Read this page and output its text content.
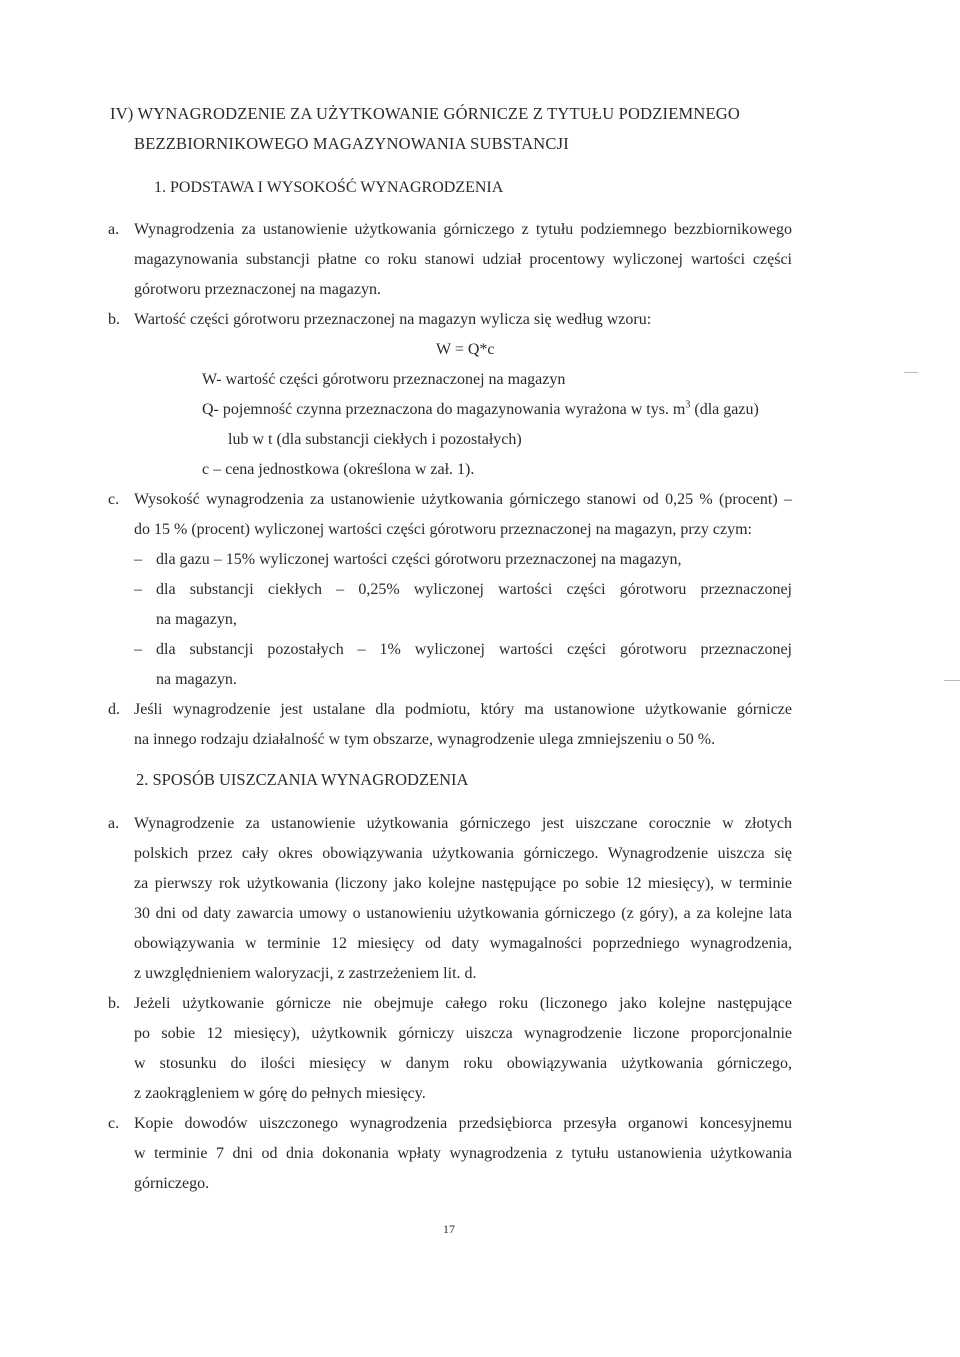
IV) WYNAGRODZENIE ZA UŻYTKOWANIE GÓRNICZE Z TYTUŁU PODZIEMNEGO
BEZZBIORNIKOWEGO MAGAZYNOWANIA SUBSTANCJI
1. PODSTAWA I WYSOKOŚĆ WYNAGRODZENIA
a. Wynagrodzenia za ustanowienie użytkowania górniczego z tytułu podziemnego bezzbiornikowego
magazynowania substancji płatne co roku stanowi udział procentowy wyliczonej wartości części
górotworu przeznaczonej na magazyn.
b. Wartość części górotworu przeznaczonej na magazyn wylicza się według wzoru:
W = Q*c
W- wartość części górotworu przeznaczonej na magazyn
Q- pojemność czynna przeznaczona do magazynowania wyrażona w tys. $m^3$ (dla gazu)
lub w t (dla substancji ciekłych i pozostałych)
c – cena jednostkowa (określona w zał. 1).
c. Wysokość wynagrodzenia za ustanowienie użytkowania górniczego stanowi od 0,25 % (procent) –
do 15 % (procent) wyliczonej wartości części górotworu przeznaczonej na magazyn, przy czym:
– dla gazu – 15% wyliczonej wartości części górotworu przeznaczonej na magazyn,
– dla substancji ciekłych – 0,25% wyliczonej wartości części górotworu przeznaczonej
na magazyn,
– dla substancji pozostałych – 1% wyliczonej wartości części górotworu przeznaczonej
na magazyn.
d. Jeśli wynagrodzenie jest ustalane dla podmiotu, który ma ustanowione użytkowanie górnicze
na innego rodzaju działalność w tym obszarze, wynagrodzenie ulega zmniejszeniu o 50 %.
2. SPOSÓB UISZCZANIA WYNAGRODZENIA
a. Wynagrodzenie za ustanowienie użytkowania górniczego jest uiszczane corocznie w złotych
polskich przez cały okres obowiązywania użytkowania górniczego. Wynagrodzenie uiszcza się
za pierwszy rok użytkowania (liczony jako kolejne następujące po sobie 12 miesięcy), w terminie
30 dni od daty zawarcia umowy o ustanowieniu użytkowania górniczego (z góry), a za kolejne lata
obowiązywania w terminie 12 miesięcy od daty wymagalności poprzedniego wynagrodzenia,
z uwzględnieniem waloryzacji, z zastrzeżeniem lit. d.
b. Jeżeli użytkowanie górnicze nie obejmuje całego roku (liczonego jako kolejne następujące
po sobie 12 miesięcy), użytkownik górniczy uiszcza wynagrodzenie liczone proporcjonalnie
w stosunku do ilości miesięcy w danym roku obowiązywania użytkowania górniczego,
z zaokrągleniem w górę do pełnych miesięcy.
c. Kopie dowodów uiszczonego wynagrodzenia przedsiębiorca przesyła organowi koncesyjnemu
w terminie 7 dni od dnia dokonania wpłaty wynagrodzenia z tytułu ustanowienia użytkowania
górniczego.
17
